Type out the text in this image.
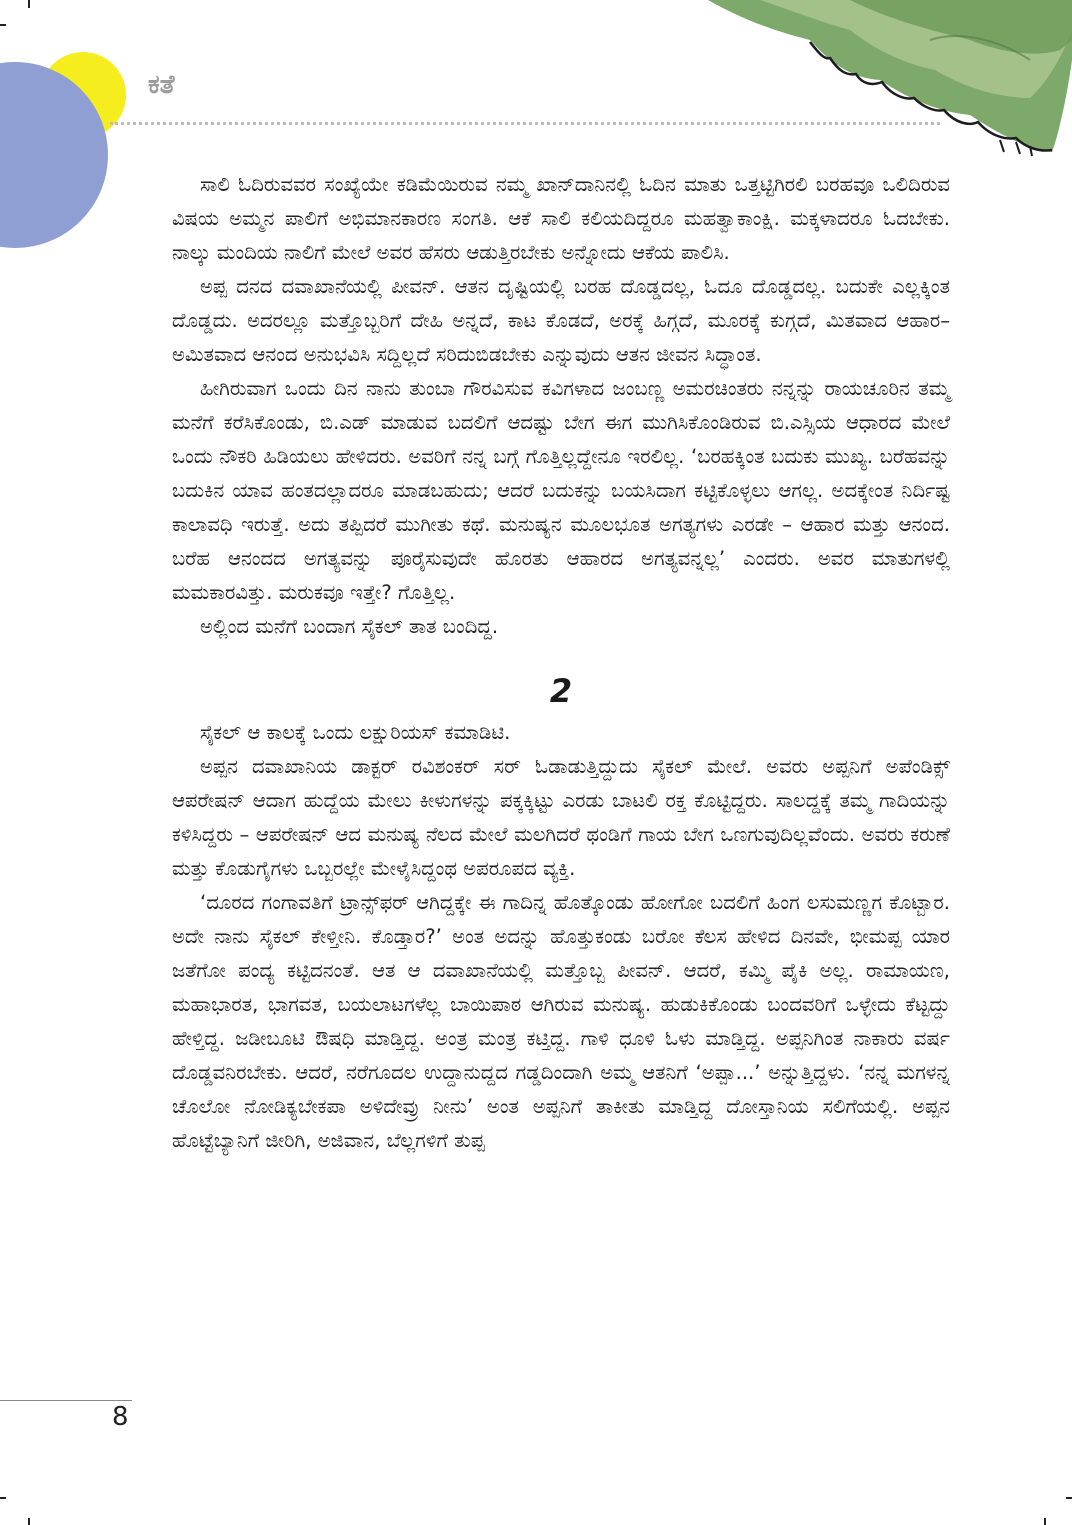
ಕತೆ

ಸಾಲಿ ಓದಿರುವವರ ಸಂಖ್ಯೆಯೇ ಕಡಿಮೆಯಿರುವ ನಮ್ಮ ಖಾನ್‌ದಾನಿನಲ್ಲಿ ಓದಿನ ಮಾತು ಒತ್ತಟ್ಟಿಗಿರಲಿ ಬರಹವೂ ಒಲಿದಿರುವ ವಿಷಯ ಅಮ್ಮನ ಪಾಲಿಗೆ ಅಭಿಮಾನಕಾರಣ ಸಂಗತಿ. ಆಕೆ ಸಾಲಿ ಕಲಿಯದಿದ್ದರೂ ಮಹತ್ವಾಕಾಂಕ್ಷಿ. ಮಕ್ಕಳಾದರೂ ಓದಬೇಕು. ನಾಲ್ಕು ಮಂದಿಯ ನಾಲಿಗೆ ಮೇಲೆ ಅವರ ಹೆಸರು ಆಡುತ್ತಿರಬೇಕು ಅನ್ನೋದು ಆಕೆಯ ಪಾಲಿಸಿ.

ಅಪ್ಪ ದನದ ದವಾಖಾನೆಯಲ್ಲಿ ಪೀವನ್. ಆತನ ದೃಷ್ಟಿಯಲ್ಲಿ ಬರಹ ದೊಡ್ಡದಲ್ಲ, ಓದೂ ದೊಡ್ಡದಲ್ಲ. ಬದುಕೇ ಎಲ್ಲಕ್ಕಿಂತ ದೊಡ್ಡದು. ಅದರಲ್ಲೂ ಮತ್ತೊಬ್ಬರಿಗೆ ದೇಹಿ ಅನ್ನದೆ, ಕಾಟ ಕೊಡದೆ, ಅರಕ್ಕೆ ಹಿಗ್ಗದೆ, ಮೂರಕ್ಕೆ ಕುಗ್ಗದೆ, ಮಿತವಾದ ಆಹಾರ–ಅಮಿತವಾದ ಆನಂದ ಅನುಭವಿಸಿ ಸದ್ದಿಲ್ಲದೆ ಸರಿದುಬಿಡಬೇಕು ಎನ್ನುವುದು ಆತನ ಜೀವನ ಸಿದ್ಧಾಂತ.

ಹೀಗಿರುವಾಗ ಒಂದು ದಿನ ನಾನು ತುಂಬಾ ಗೌರವಿಸುವ ಕವಿಗಳಾದ ಜಂಬಣ್ಣ ಅಮರಚಿಂತರು ನನ್ನನ್ನು ರಾಯಚೂರಿನ ತಮ್ಮ ಮನೆಗೆ ಕರೆಸಿಕೊಂಡು, ಬಿ.ಎಡ್ ಮಾಡುವ ಬದಲಿಗೆ ಆದಷ್ಟು ಬೇಗ ಈಗ ಮುಗಿಸಿಕೊಂಡಿರುವ ಬಿ.ಎಸ್ಸಿಯ ಆಧಾರದ ಮೇಲೆ ಒಂದು ನೌಕರಿ ಹಿಡಿಯಲು ಹೇಳಿದರು. ಅವರಿಗೆ ನನ್ನ ಬಗ್ಗೆ ಗೊತ್ತಿಲ್ಲದ್ದೇನೂ ಇರಲಿಲ್ಲ. ‘ಬರಹಕ್ಕಿಂತ ಬದುಕು ಮುಖ್ಯ. ಬರೆಹವನ್ನು ಬದುಕಿನ ಯಾವ ಹಂತದಲ್ಲಾದರೂ ಮಾಡಬಹುದು; ಆದರೆ ಬದುಕನ್ನು ಬಯಸಿದಾಗ ಕಟ್ಟಿಕೊಳ್ಳಲು ಆಗಲ್ಲ. ಅದಕ್ಕೇಂತ ನಿರ್ದಿಷ್ಟ ಕಾಲಾವಧಿ ಇರುತ್ತೆ. ಅದು ತಪ್ಪಿದರೆ ಮುಗೀತು ಕಥೆ. ಮನುಷ್ಯನ ಮೂಲಭೂತ ಅಗತ್ಯಗಳು ಎರಡೇ – ಆಹಾರ ಮತ್ತು ಆನಂದ. ಬರೆಹ ಆನಂದದ ಅಗತ್ಯವನ್ನು ಪೂರೈಸುವುದೇ ಹೊರತು ಆಹಾರದ ಅಗತ್ಯವನ್ನಲ್ಲ’ ಎಂದರು. ಅವರ ಮಾತುಗಳಲ್ಲಿ ಮಮಕಾರವಿತ್ತು. ಮರುಕವೂ ಇತ್ತೇ? ಗೊತ್ತಿಲ್ಲ.

ಅಲ್ಲಿಂದ ಮನೆಗೆ ಬಂದಾಗ ಸೈಕಲ್ ತಾತ ಬಂದಿದ್ದ.

2

ಸೈಕಲ್ ಆ ಕಾಲಕ್ಕೆ ಒಂದು ಲಕ್ಷುರಿಯಸ್ ಕಮಾಡಿಟಿ.

ಅಪ್ಪನ ದವಾಖಾನಿಯ ಡಾಕ್ಟರ್ ರವಿಶಂಕರ್ ಸರ್ ಓಡಾಡುತ್ತಿದ್ದುದು ಸೈಕಲ್ ಮೇಲೆ. ಅವರು ಅಪ್ಪನಿಗೆ ಅಪೆಂಡಿಕ್ಸ್ ಆಪರೇಷನ್ ಆದಾಗ ಹುದ್ದೆಯ ಮೇಲು ಕೀಳುಗಳನ್ನು ಪಕ್ಕಕ್ಕಿಟ್ಟು ಎರಡು ಬಾಟಲಿ ರಕ್ತ ಕೊಟ್ಟಿದ್ದರು. ಸಾಲದ್ದಕ್ಕೆ ತಮ್ಮ ಗಾದಿಯನ್ನು ಕಳಿಸಿದ್ದರು – ಆಪರೇಷನ್ ಆದ ಮನುಷ್ಯ ನೆಲದ ಮೇಲೆ ಮಲಗಿದರೆ ಥಂಡಿಗೆ ಗಾಯ ಬೇಗ ಒಣಗುವುದಿಲ್ಲವೆಂದು. ಅವರು ಕರುಣೆ ಮತ್ತು ಕೊಡುಗೈಗಳು ಒಬ್ಬರಲ್ಲೇ ಮೇಳೈಸಿದ್ದಂಥ ಅಪರೂಪದ ವ್ಯಕ್ತಿ.

‘ದೂರದ ಗಂಗಾವತಿಗೆ ಟ್ರಾನ್ಸ್‌ಫರ್ ಆಗಿದ್ದಕ್ಕೇ ಈ ಗಾದಿನ್ನ ಹೊತ್ಕೊಂಡು ಹೋಗೋ ಬದಲಿಗೆ ಹಿಂಗ ಲಸುಮಣ್ಣಗ ಕೊಟ್ಬಾರ. ಅದೇ ನಾನು ಸೈಕಲ್ ಕೇಳ್ತೀನಿ. ಕೊಡ್ತಾರ?’ ಅಂತ ಅದನ್ನು ಹೊತ್ತುಕಂಡು ಬರೋ ಕೆಲಸ ಹೇಳಿದ ದಿನವೇ, ಭೀಮಪ್ಪ ಯಾರ ಜತೆಗೋ ಪಂದ್ಯ ಕಟ್ಟಿದನಂತೆ. ಆತ ಆ ದವಾಖಾನೆಯಲ್ಲಿ ಮತ್ತೊಬ್ಬ ಪೀವನ್. ಆದರೆ, ಕಮ್ಮಿ ಪೈಕಿ ಅಲ್ಲ. ರಾಮಾಯಣ, ಮಹಾಭಾರತ, ಭಾಗವತ, ಬಯಲಾಟಗಳೆಲ್ಲ ಬಾಯಿಪಾಠ ಆಗಿರುವ ಮನುಷ್ಯ. ಹುಡುಕಿಕೊಂಡು ಬಂದವರಿಗೆ ಒಳ್ಳೇದು ಕೆಟ್ಟದ್ದು ಹೇಳ್ತಿದ್ದ. ಜಡೀಬೂಟಿ ಔಷಧಿ ಮಾಡ್ತಿದ್ದ. ಅಂತ್ರ ಮಂತ್ರ ಕಟ್ತಿದ್ದ. ಗಾಳಿ ಧೂಳಿ ಓಳು ಮಾಡ್ತಿದ್ದ. ಅಪ್ಪನಿಗಿಂತ ನಾಕಾರು ವರ್ಷ ದೊಡ್ಡವನಿರಬೇಕು. ಆದರೆ, ನರೆಗೂದಲ ಉದ್ದಾನುದ್ದದ ಗಡ್ಡದಿಂದಾಗಿ ಅಮ್ಮ ಆತನಿಗೆ ‘ಅಪ್ಪಾ...’ ಅನ್ನುತ್ತಿದ್ದಳು. ‘ನನ್ನ ಮಗಳನ್ನ ಚೊಲೋ ನೋಡಿಕ್ಯಬೇಕಪಾ ಅಳಿದೇವ್ರು ನೀನು’ ಅಂತ ಅಪ್ಪನಿಗೆ ತಾಕೀತು ಮಾಡ್ತಿದ್ದ ದೋಸ್ತಾನಿಯ ಸಲಿಗೆಯಲ್ಲಿ. ಅಪ್ಪನ ಹೊಟ್ಟೆಬ್ಯಾನಿಗೆ ಜೀರಿಗಿ, ಅಜಿವಾನ, ಬೆಲ್ಲಗಳಿಗೆ ತುಪ್ಪ

8
